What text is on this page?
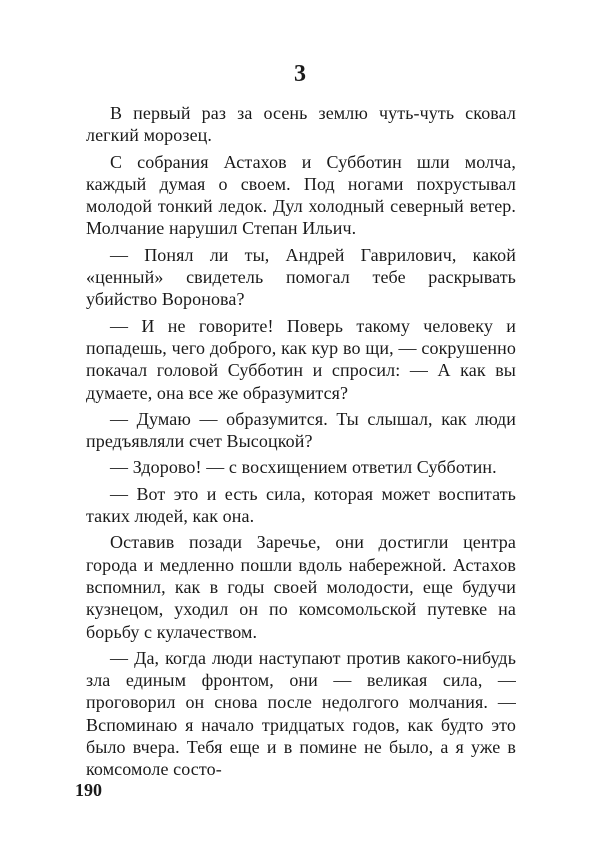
3

В первый раз за осень землю чуть-чуть сковал легкий морозец.

С собрания Астахов и Субботин шли молча, каждый думая о своем. Под ногами похрустывал молодой тонкий ледок. Дул холодный северный ветер. Молчание нарушил Степан Ильич.

— Понял ли ты, Андрей Гаврилович, какой «ценный» свидетель помогал тебе раскрывать убийство Воронова?

— И не говорите! Поверь такому человеку и попадешь, чего доброго, как кур во щи, — сокрушенно покачал головой Субботин и спросил: — А как вы думаете, она все же образумится?

— Думаю — образумится. Ты слышал, как люди предъявляли счет Высоцкой?

— Здорово! — с восхищением ответил Субботин.

— Вот это и есть сила, которая может воспитать таких людей, как она.

Оставив позади Заречье, они достигли центра города и медленно пошли вдоль набережной. Астахов вспомнил, как в годы своей молодости, еще будучи кузнецом, уходил он по комсомольской путевке на борьбу с кулачеством.

— Да, когда люди наступают против какого-нибудь зла единым фронтом, они — великая сила, — проговорил он снова после недолгого молчания. — Вспоминаю я начало тридцатых годов, как будто это было вчера. Тебя еще и в помине не было, а я уже в комсомоле состо-

190
